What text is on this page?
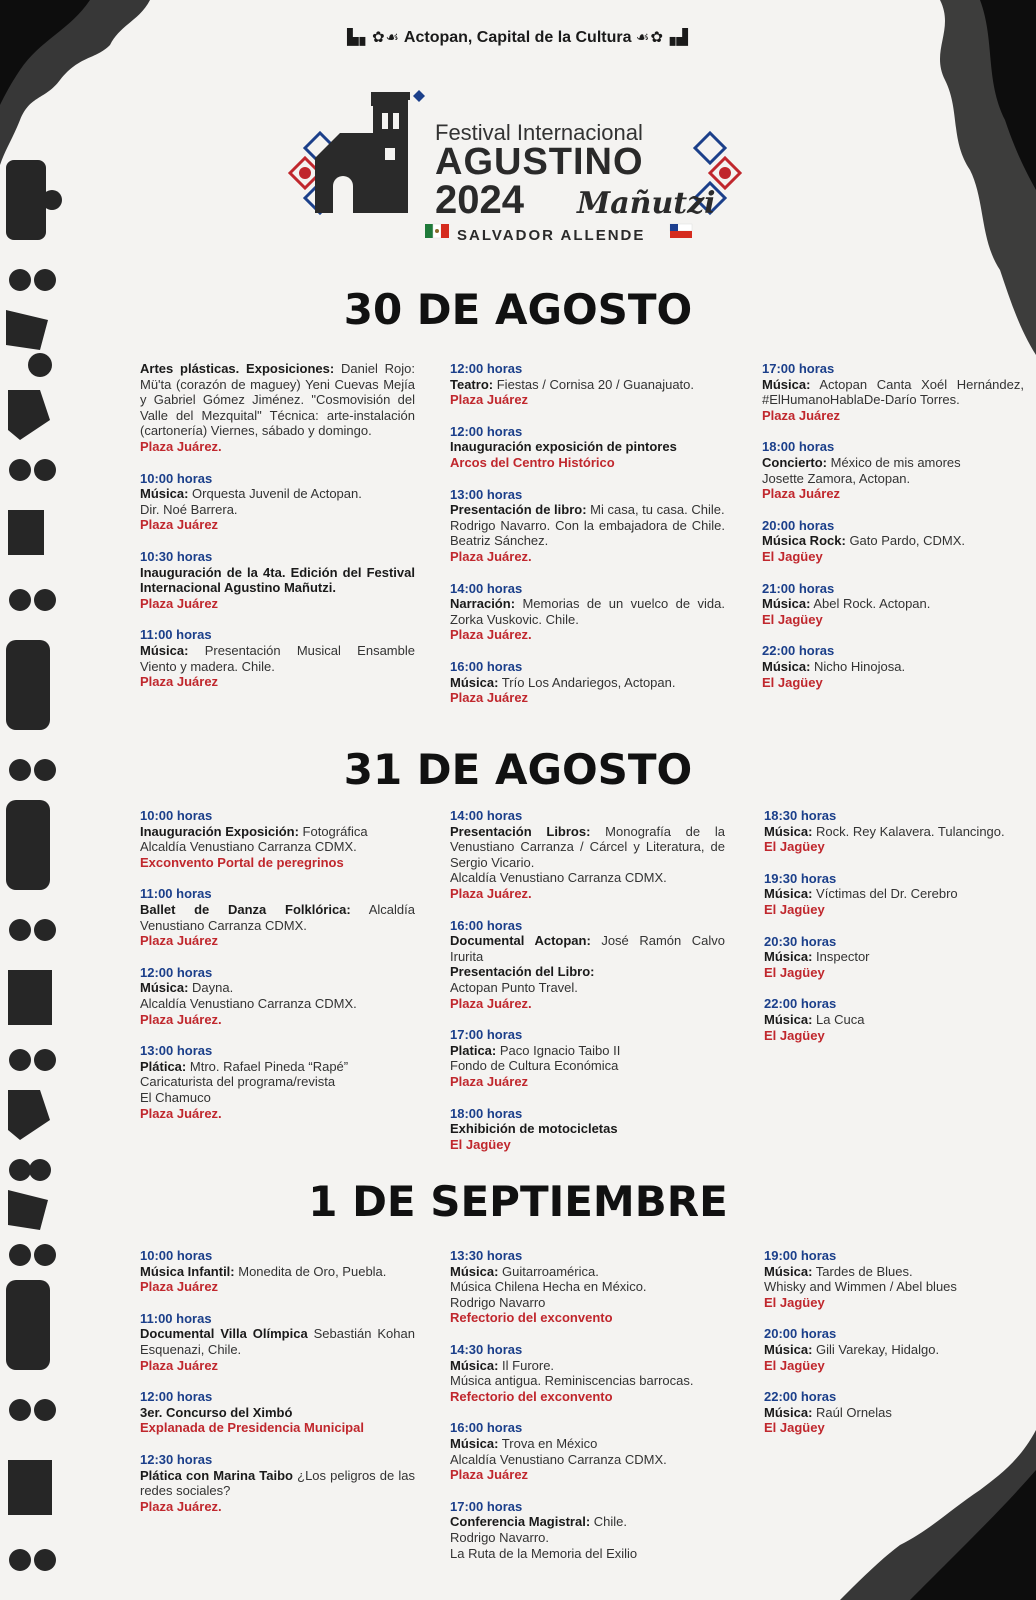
▙▖✿☙ Actopan, Capital de la Cultura ☙✿▗▟
Festival Internacional
AGUSTINO
2024 Mañutzi
SALVADOR ALLENDE
30 DE AGOSTO
31 DE AGOSTO
1 DE SEPTIEMBRE
Artes plásticas. Exposiciones: Daniel Rojo: Mü'ta (corazón de maguey) Yeni Cuevas Mejía y Gabriel Gómez Jiménez. "Cosmovisión del Valle del Mezquital" Técnica: arte-instalación (cartonería) Viernes, sábado y domingo.
Plaza Juárez.
10:00 horas
Música: Orquesta Juvenil de Actopan.
Dir. Noé Barrera.
Plaza Juárez
10:30 horas
Inauguración de la 4ta. Edición del Festival Internacional Agustino Mañutzi.
Plaza Juárez
11:00 horas
Música: Presentación Musical Ensamble Viento y madera. Chile.
Plaza Juárez
12:00 horas
Teatro: Fiestas / Cornisa 20 / Guanajuato.
Plaza Juárez
12:00 horas
Inauguración exposición de pintores
Arcos del Centro Histórico
13:00 horas
Presentación de libro: Mi casa, tu casa. Chile.
Rodrigo Navarro. Con la embajadora de Chile. Beatriz Sánchez.
Plaza Juárez.
14:00 horas
Narración: Memorias de un vuelco de vida. Zorka Vuskovic. Chile.
Plaza Juárez.
16:00 horas
Música: Trío Los Andariegos, Actopan.
Plaza Juárez
17:00 horas
Música: Actopan Canta Xoél Hernández, #ElHumanoHablaDe-Darío Torres.
Plaza Juárez
18:00 horas
Concierto: México de mis amores
Josette Zamora, Actopan.
Plaza Juárez
20:00 horas
Música Rock: Gato Pardo, CDMX.
El Jagüey
21:00 horas
Música: Abel Rock. Actopan.
El Jagüey
22:00 horas
Música: Nicho Hinojosa.
El Jagüey
10:00 horas
Inauguración Exposición: Fotográfica
Alcaldía Venustiano Carranza CDMX.
Exconvento Portal de peregrinos
11:00 horas
Ballet de Danza Folklórica: Alcaldía Venustiano Carranza CDMX.
Plaza Juárez
12:00 horas
Música: Dayna.
Alcaldía Venustiano Carranza CDMX.
Plaza Juárez.
13:00 horas
Plática: Mtro. Rafael Pineda “Rapé”
Caricaturista del programa/revista
El Chamuco
Plaza Juárez.
14:00 horas
Presentación Libros: Monografía de la Venustiano Carranza / Cárcel y Literatura, de Sergio Vicario.
Alcaldía Venustiano Carranza CDMX.
Plaza Juárez.
16:00 horas
Documental Actopan: José Ramón Calvo Irurita
Presentación del Libro:
Actopan Punto Travel.
Plaza Juárez.
17:00 horas
Platica: Paco Ignacio Taibo II
Fondo de Cultura Económica
Plaza Juárez
18:00 horas
Exhibición de motocicletas
El Jagüey
18:30 horas
Música: Rock. Rey Kalavera. Tulancingo.
El Jagüey
19:30 horas
Música: Víctimas del Dr. Cerebro
El Jagüey
20:30 horas
Música: Inspector
El Jagüey
22:00 horas
Música: La Cuca
El Jagüey
10:00 horas
Música Infantil: Monedita de Oro, Puebla.
Plaza Juárez
11:00 horas
Documental Villa Olímpica Sebastián Kohan Esquenazi, Chile.
Plaza Juárez
12:00 horas
3er. Concurso del Ximbó
Explanada de Presidencia Municipal
12:30 horas
Plática con Marina Taibo ¿Los peligros de las redes sociales?
Plaza Juárez.
13:30 horas
Música: Guitarroamérica.
Música Chilena Hecha en México.
Rodrigo Navarro
Refectorio del exconvento
14:30 horas
Música: Il Furore.
Música antigua. Reminiscencias barrocas.
Refectorio del exconvento
16:00 horas
Música: Trova en México
Alcaldía Venustiano Carranza CDMX.
Plaza Juárez
17:00 horas
Conferencia Magistral: Chile.
Rodrigo Navarro.
La Ruta de la Memoria del Exilio
19:00 horas
Música: Tardes de Blues.
Whisky and Wimmen / Abel blues
El Jagüey
20:00 horas
Música: Gili Varekay, Hidalgo.
El Jagüey
22:00 horas
Música: Raúl Ornelas
El Jagüey
